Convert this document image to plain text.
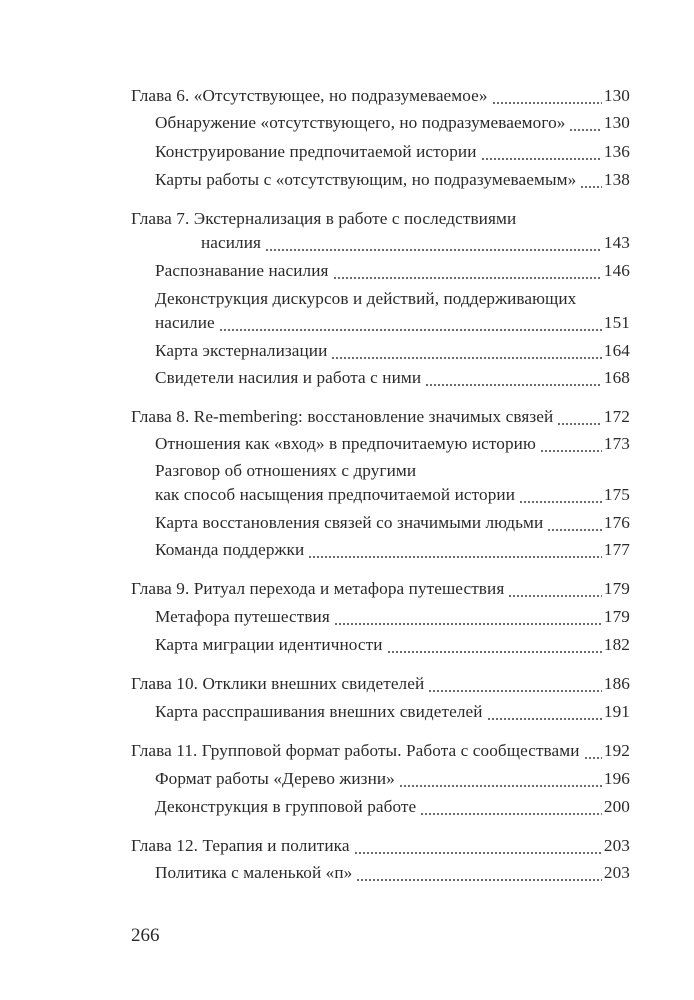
Глава 6. «Отсутствующее, но подразумеваемое»	130
Обнаружение «отсутствующего, но подразумеваемого» 130
Конструирование предпочитаемой истории	136
Карты работы с «отсутствующим, но подразумеваемым» 138
Глава 7. Экстернализация в работе с последствиями
насилия	143
Распознавание насилия	146
Деконструкция дискурсов и действий, поддерживающих
насилие	151
Карта экстернализации	164
Свидетели насилия и работа с ними	168
Глава 8. Re-membering: восстановление значимых связей	172
Отношения как «вход» в предпочитаемую историю	173
Разговор об отношениях с другими
как способ насыщения предпочитаемой истории	175
Карта восстановления связей со значимыми людьми	176
Команда поддержки	177
Глава 9. Ритуал перехода и метафора путешествия	179
Метафора путешествия	179
Карта миграции идентичности	182
Глава 10. Отклики внешних свидетелей	186
Карта расспрашивания внешних свидетелей	191
Глава 11. Групповой формат работы. Работа с сообществами 192
Формат работы «Дерево жизни»	196
Деконструкция в групповой работе	200
Глава 12. Терапия и политика	203
Политика с маленькой «п»	203
266
